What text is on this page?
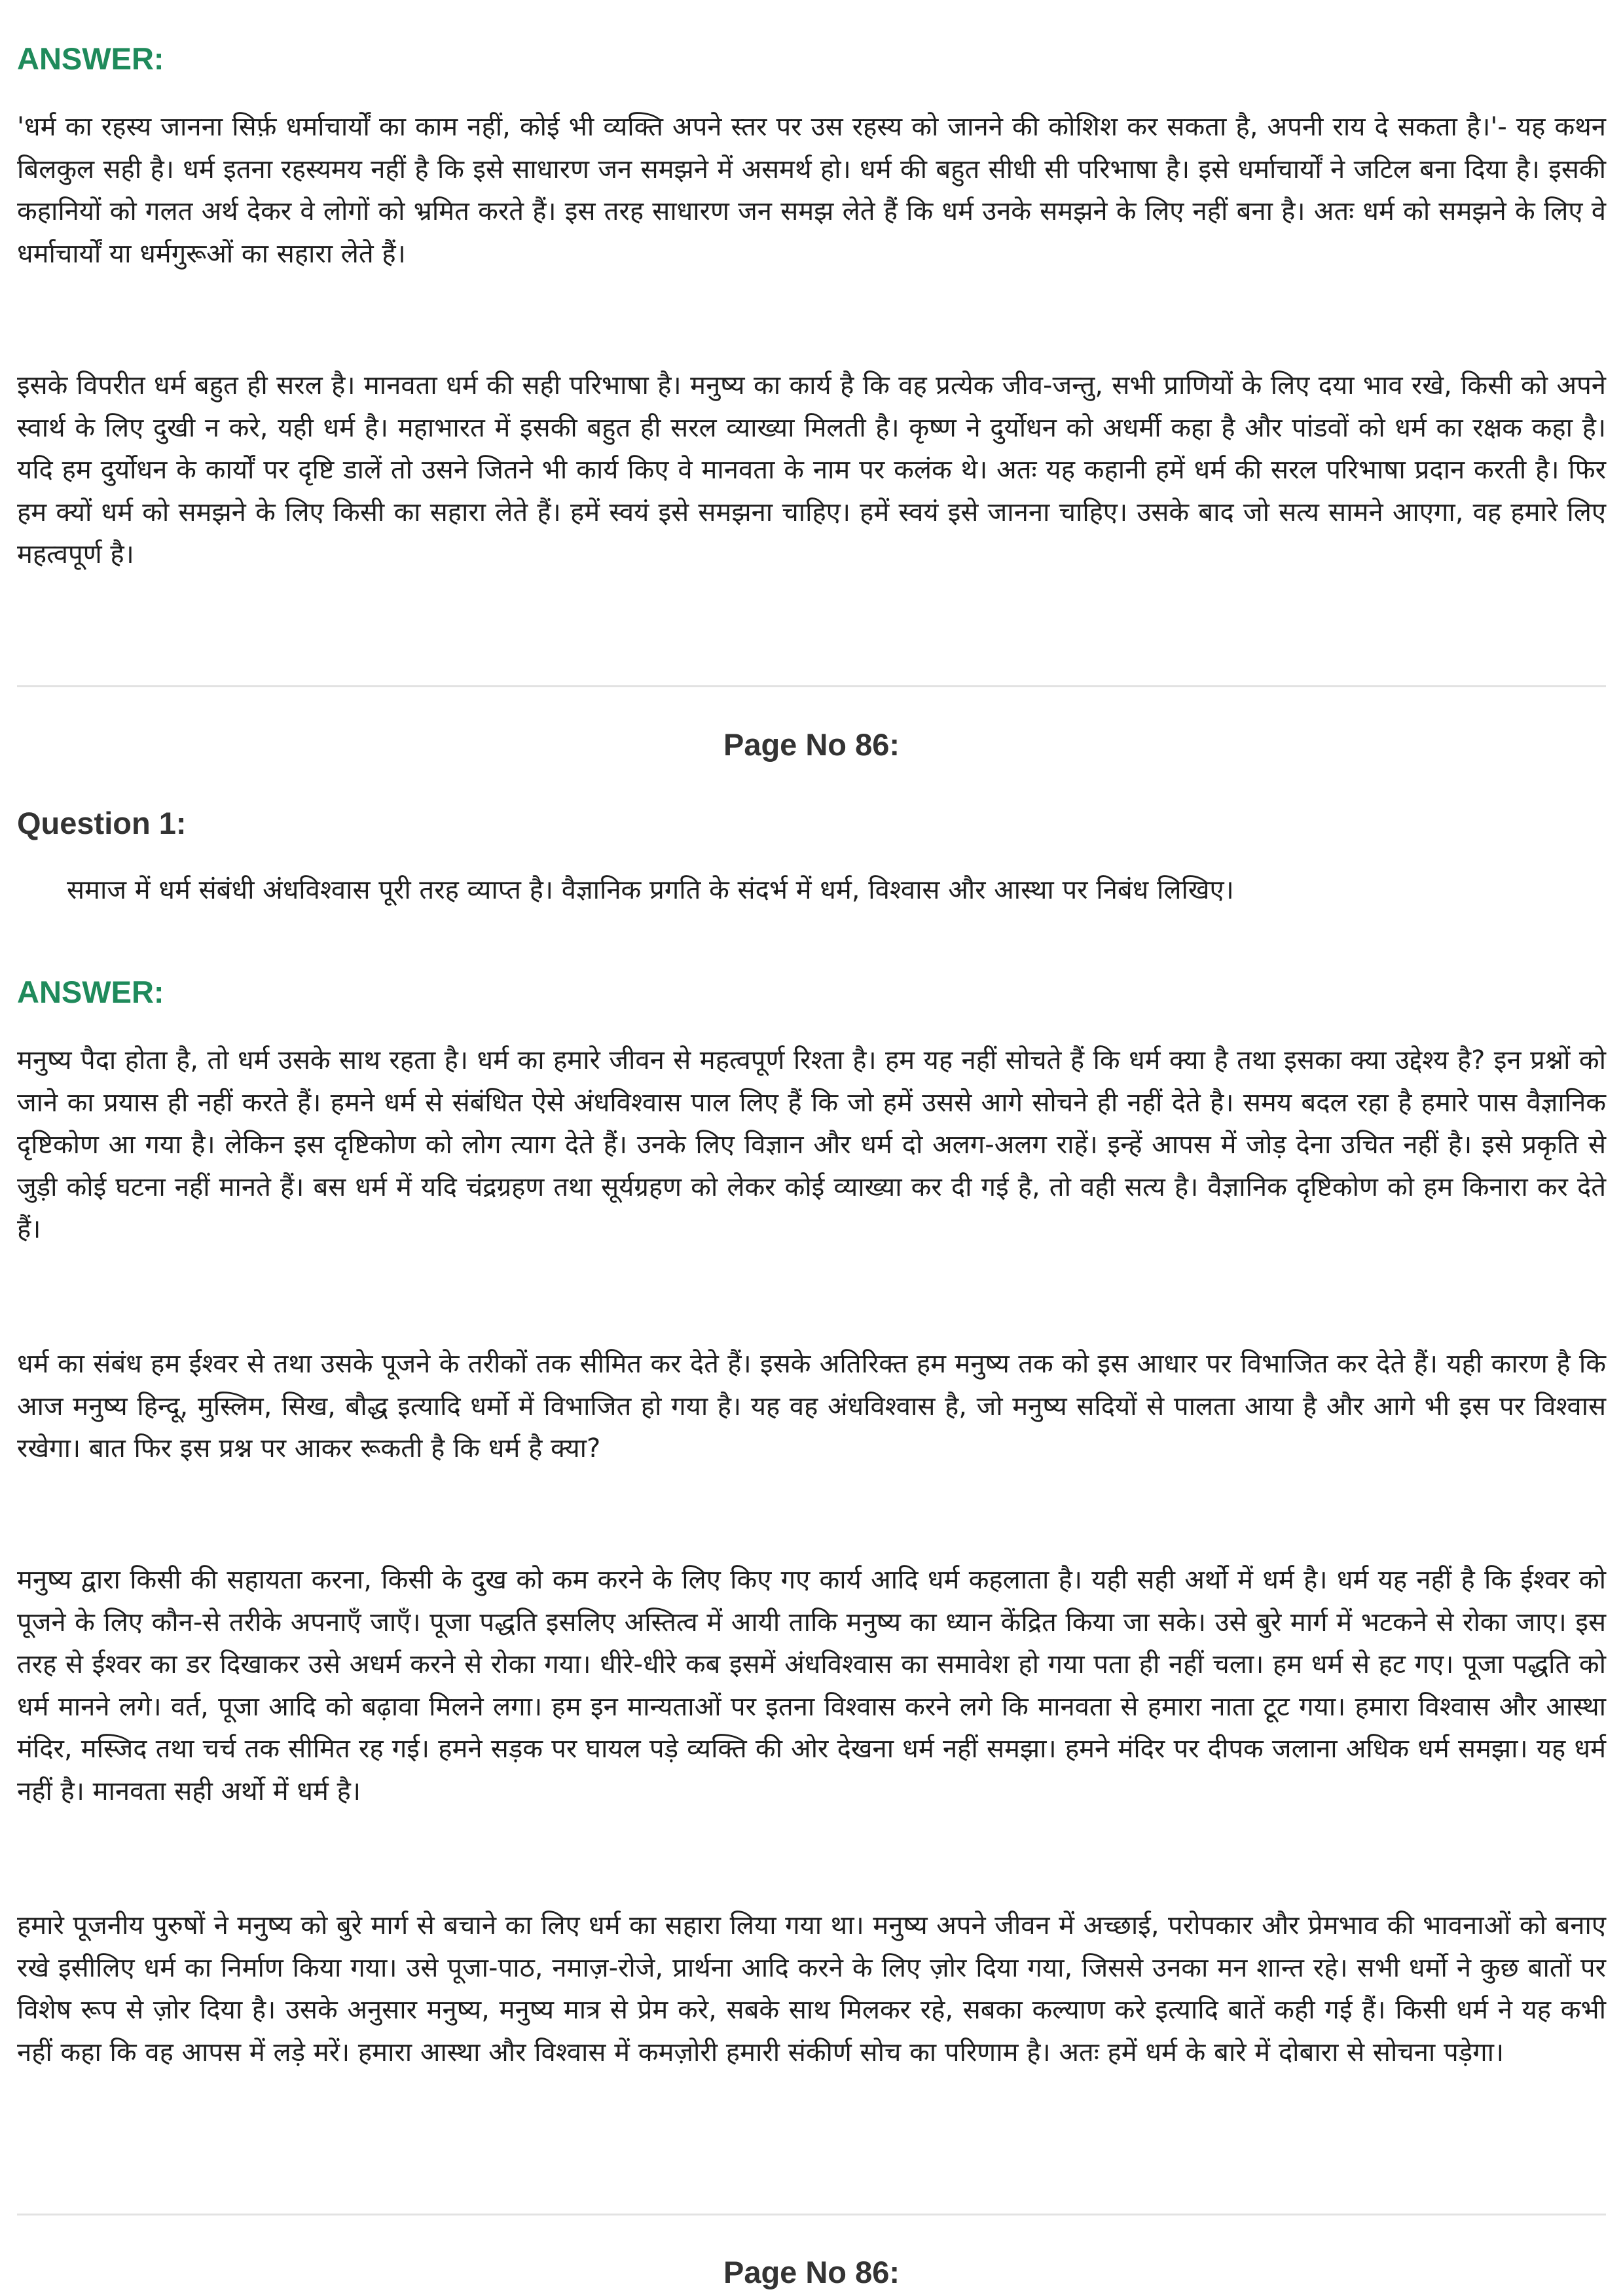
ANSWER:

'धर्म का रहस्य जानना सिर्फ़ धर्माचार्यों का काम नहीं, कोई भी व्यक्ति अपने स्तर पर उस रहस्य को जानने की कोशिश कर सकता है, अपनी राय दे सकता है।'- यह कथन बिलकुल सही है। धर्म इतना रहस्यमय नहीं है कि इसे साधारण जन समझने में असमर्थ हो। धर्म की बहुत सीधी सी परिभाषा है। इसे धर्माचार्यों ने जटिल बना दिया है। इसकी कहानियों को गलत अर्थ देकर वे लोगों को भ्रमित करते हैं। इस तरह साधारण जन समझ लेते हैं कि धर्म उनके समझने के लिए नहीं बना है। अतः धर्म को समझने के लिए वे धर्माचार्यों या धर्मगुरूओं का सहारा लेते हैं।

इसके विपरीत धर्म बहुत ही सरल है। मानवता धर्म की सही परिभाषा है। मनुष्य का कार्य है कि वह प्रत्येक जीव-जन्तु, सभी प्राणियों के लिए दया भाव रखे, किसी को अपने स्वार्थ के लिए दुखी न करे, यही धर्म है। महाभारत में इसकी बहुत ही सरल व्याख्या मिलती है। कृष्ण ने दुर्योधन को अधर्मी कहा है और पांडवों को धर्म का रक्षक कहा है। यदि हम दुर्योधन के कार्यों पर दृष्टि डालें तो उसने जितने भी कार्य किए वे मानवता के नाम पर कलंक थे। अतः यह कहानी हमें धर्म की सरल परिभाषा प्रदान करती है। फिर हम क्यों धर्म को समझने के लिए किसी का सहारा लेते हैं। हमें स्वयं इसे समझना चाहिए। हमें स्वयं इसे जानना चाहिए। उसके बाद जो सत्य सामने आएगा, वह हमारे लिए महत्वपूर्ण है।

Page No 86:
Question 1:

समाज में धर्म संबंधी अंधविश्वास पूरी तरह व्याप्त है। वैज्ञानिक प्रगति के संदर्भ में धर्म, विश्वास और आस्था पर निबंध लिखिए।

ANSWER:

मनुष्य पैदा होता है, तो धर्म उसके साथ रहता है। धर्म का हमारे जीवन से महत्वपूर्ण रिश्ता है। हम यह नहीं सोचते हैं कि धर्म क्या है तथा इसका क्या उद्देश्य है? इन प्रश्नों को जाने का प्रयास ही नहीं करते हैं। हमने धर्म से संबंधित ऐसे अंधविश्वास पाल लिए हैं कि जो हमें उससे आगे सोचने ही नहीं देते है। समय बदल रहा है हमारे पास वैज्ञानिक दृष्टिकोण आ गया है। लेकिन इस दृष्टिकोण को लोग त्याग देते हैं। उनके लिए विज्ञान और धर्म दो अलग-अलग राहें। इन्हें आपस में जोड़ देना उचित नहीं है। इसे प्रकृति से जुड़ी कोई घटना नहीं मानते हैं। बस धर्म में यदि चंद्रग्रहण तथा सूर्यग्रहण को लेकर कोई व्याख्या कर दी गई है, तो वही सत्य है। वैज्ञानिक दृष्टिकोण को हम किनारा कर देते हैं।

धर्म का संबंध हम ईश्वर से तथा उसके पूजने के तरीकों तक सीमित कर देते हैं। इसके अतिरिक्त हम मनुष्य तक को इस आधार पर विभाजित कर देते हैं। यही कारण है कि आज मनुष्य हिन्दू, मुस्लिम, सिख, बौद्ध इत्यादि धर्मो में विभाजित हो गया है। यह वह अंधविश्वास है, जो मनुष्य सदियों से पालता आया है और आगे भी इस पर विश्वास रखेगा। बात फिर इस प्रश्न पर आकर रूकती है कि धर्म है क्या?

मनुष्य द्वारा किसी की सहायता करना, किसी के दुख को कम करने के लिए किए गए कार्य आदि धर्म कहलाता है। यही सही अर्थो में धर्म है। धर्म यह नहीं है कि ईश्वर को पूजने के लिए कौन-से तरीके अपनाएँ जाएँ। पूजा पद्धति इसलिए अस्तित्व में आयी ताकि मनुष्य का ध्यान केंद्रित किया जा सके। उसे बुरे मार्ग में भटकने से रोका जाए। इस तरह से ईश्वर का डर दिखाकर उसे अधर्म करने से रोका गया। धीरे-धीरे कब इसमें अंधविश्वास का समावेश हो गया पता ही नहीं चला। हम धर्म से हट गए। पूजा पद्धति को धर्म मानने लगे। वर्त, पूजा आदि को बढ़ावा मिलने लगा। हम इन मान्यताओं पर इतना विश्वास करने लगे कि मानवता से हमारा नाता टूट गया। हमारा विश्वास और आस्था मंदिर, मस्जिद तथा चर्च तक सीमित रह गई। हमने सड़क पर घायल पड़े व्यक्ति की ओर देखना धर्म नहीं समझा। हमने मंदिर पर दीपक जलाना अधिक धर्म समझा। यह धर्म नहीं है। मानवता सही अर्थो में धर्म है।

हमारे पूजनीय पुरुषों ने मनुष्य को बुरे मार्ग से बचाने का लिए धर्म का सहारा लिया गया था। मनुष्य अपने जीवन में अच्छाई, परोपकार और प्रेमभाव की भावनाओं को बनाए रखे इसीलिए धर्म का निर्माण किया गया। उसे पूजा-पाठ, नमाज़-रोजे, प्रार्थना आदि करने के लिए ज़ोर दिया गया, जिससे उनका मन शान्त रहे। सभी धर्मो ने कुछ बातों पर विशेष रूप से ज़ोर दिया है। उसके अनुसार मनुष्य, मनुष्य मात्र से प्रेम करे, सबके साथ मिलकर रहे, सबका कल्याण करे इत्यादि बातें कही गई हैं। किसी धर्म ने यह कभी नहीं कहा कि वह आपस में लड़े मरें। हमारा आस्था और विश्वास में कमज़ोरी हमारी संकीर्ण सोच का परिणाम है। अतः हमें धर्म के बारे में दोबारा से सोचना पड़ेगा।

Page No 86:
